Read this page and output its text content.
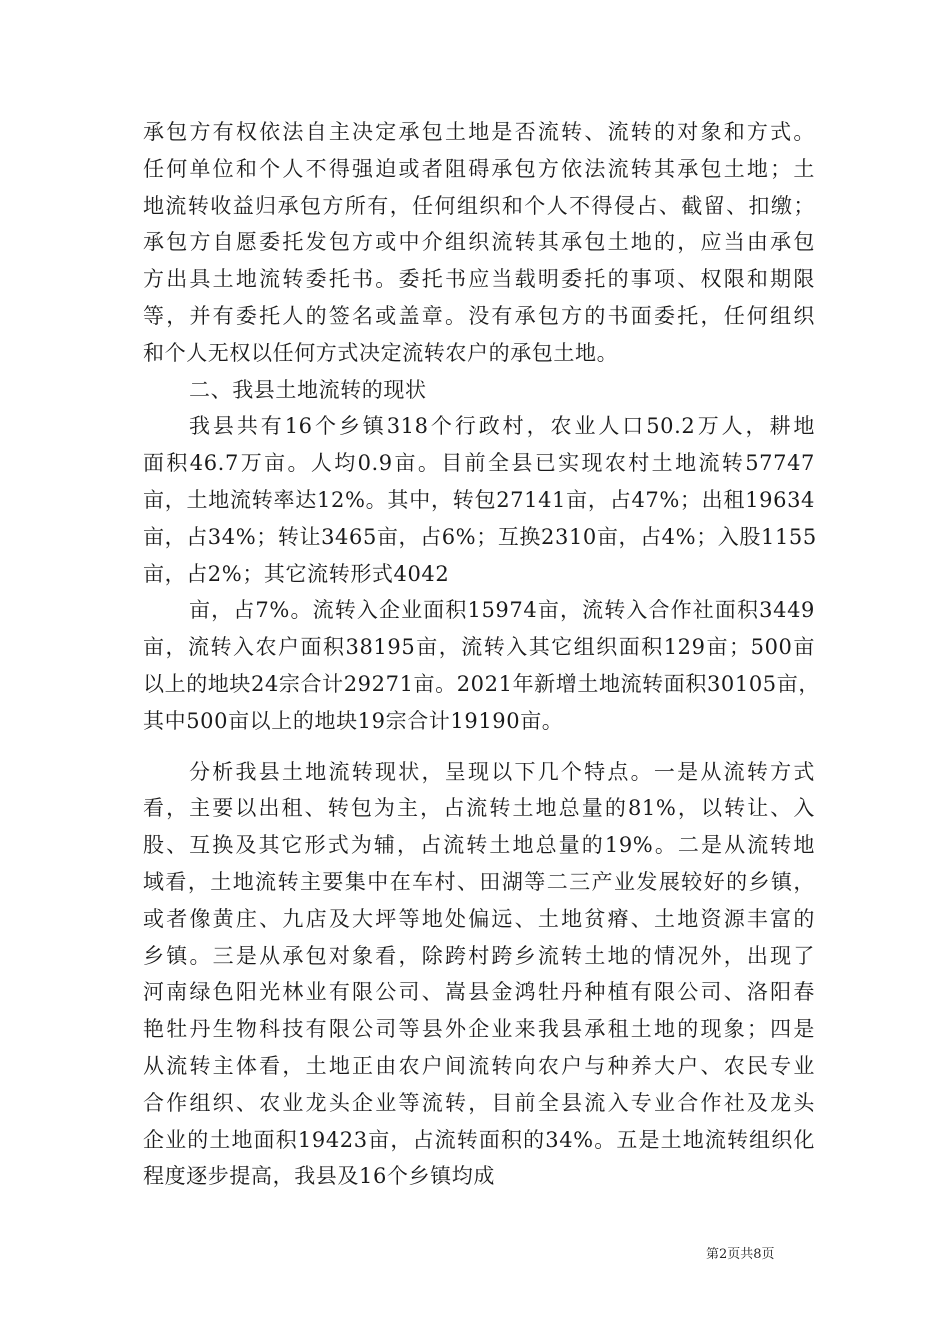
承包方有权依法自主决定承包土地是否流转、流转的对象和方式。
任何单位和个人不得强迫或者阻碍承包方依法流转其承包土地；土
地流转收益归承包方所有，任何组织和个人不得侵占、截留、扣缴；
承包方自愿委托发包方或中介组织流转其承包土地的，应当由承包
方出具土地流转委托书。委托书应当载明委托的事项、权限和期限
等，并有委托人的签名或盖章。没有承包方的书面委托，任何组织
和个人无权以任何方式决定流转农户的承包土地。
二、我县土地流转的现状
我县共有16个乡镇318个行政村，农业人口50.2万人，耕地
面积46.7万亩。人均0.9亩。目前全县已实现农村土地流转57747
亩，土地流转率达12%。其中，转包27141亩，占47%；出租19634
亩，占34%；转让3465亩，占6%；互换2310亩，占4%；入股1155
亩，占2%；其它流转形式4042
亩，占7%。流转入企业面积15974亩，流转入合作社面积3449
亩，流转入农户面积38195亩，流转入其它组织面积129亩；500亩
以上的地块24宗合计29271亩。2021年新增土地流转面积30105亩，
其中500亩以上的地块19宗合计19190亩。
分析我县土地流转现状，呈现以下几个特点。一是从流转方式
看，主要以出租、转包为主，占流转土地总量的81%，以转让、入
股、互换及其它形式为辅，占流转土地总量的19%。二是从流转地
域看，土地流转主要集中在车村、田湖等二三产业发展较好的乡镇，
或者像黄庄、九店及大坪等地处偏远、土地贫瘠、土地资源丰富的
乡镇。三是从承包对象看，除跨村跨乡流转土地的情况外，出现了
河南绿色阳光林业有限公司、嵩县金鸿牡丹种植有限公司、洛阳春
艳牡丹生物科技有限公司等县外企业来我县承租土地的现象；四是
从流转主体看，土地正由农户间流转向农户与种养大户、农民专业
合作组织、农业龙头企业等流转，目前全县流入专业合作社及龙头
企业的土地面积19423亩，占流转面积的34%。五是土地流转组织化
程度逐步提高，我县及16个乡镇均成
第2页共8页
